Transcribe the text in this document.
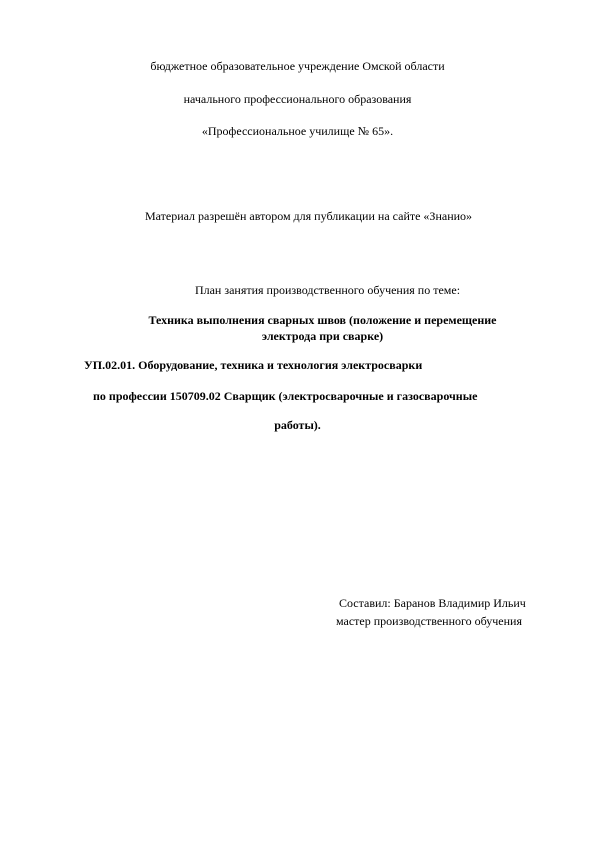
бюджетное образовательное учреждение Омской области
начального профессионального образования
«Профессиональное училище № 65».
Материал разрешён автором для публикации на сайте «Знанио»
План занятия производственного обучения по теме:
Техника выполнения сварных швов (положение и перемещение
электрода при сварке)
УП.02.01. Оборудование, техника и технология электросварки
по профессии 150709.02 Сварщик (электросварочные и газосварочные
работы).
Составил: Баранов Владимир Ильич
мастер производственного обучения
